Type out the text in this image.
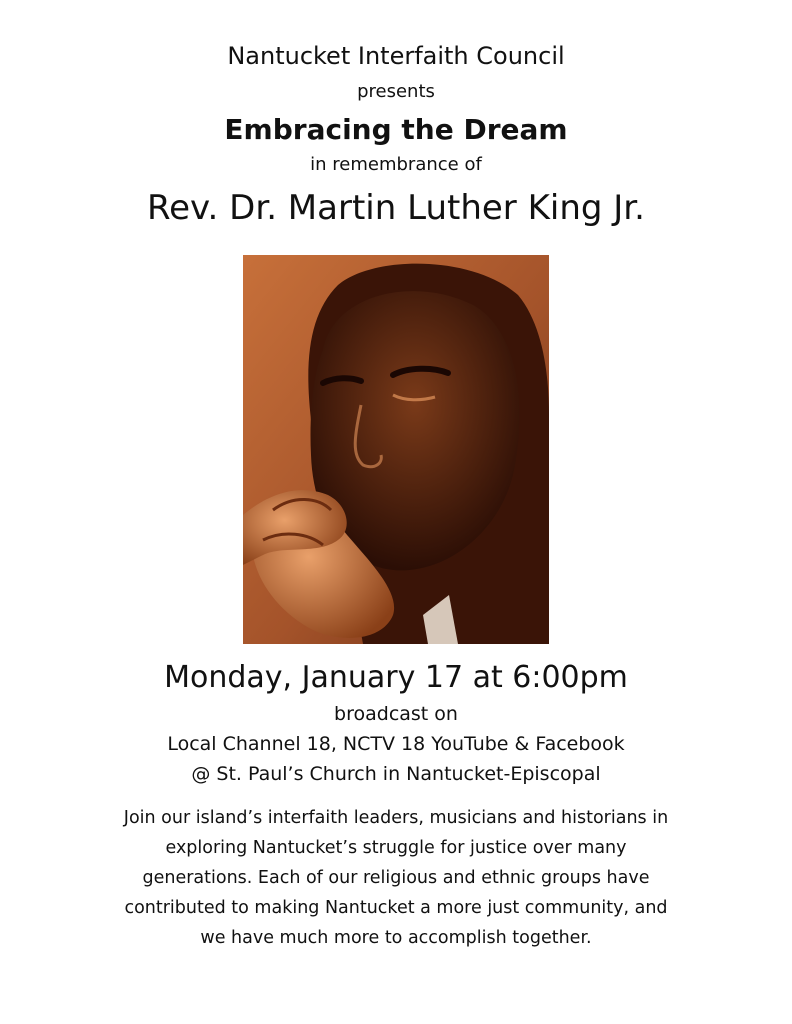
Nantucket Interfaith Council
presents
Embracing the Dream
in remembrance of
Rev. Dr. Martin Luther King Jr.
Monday, January 17 at 6:00pm
broadcast on
Local Channel 18, NCTV 18 YouTube & Facebook
@ St. Paul’s Church in Nantucket-Episcopal
Join our island’s interfaith leaders, musicians and historians in
exploring Nantucket’s struggle for justice over many
generations. Each of our religious and ethnic groups have
contributed to making Nantucket a more just community, and
we have much more to accomplish together.
